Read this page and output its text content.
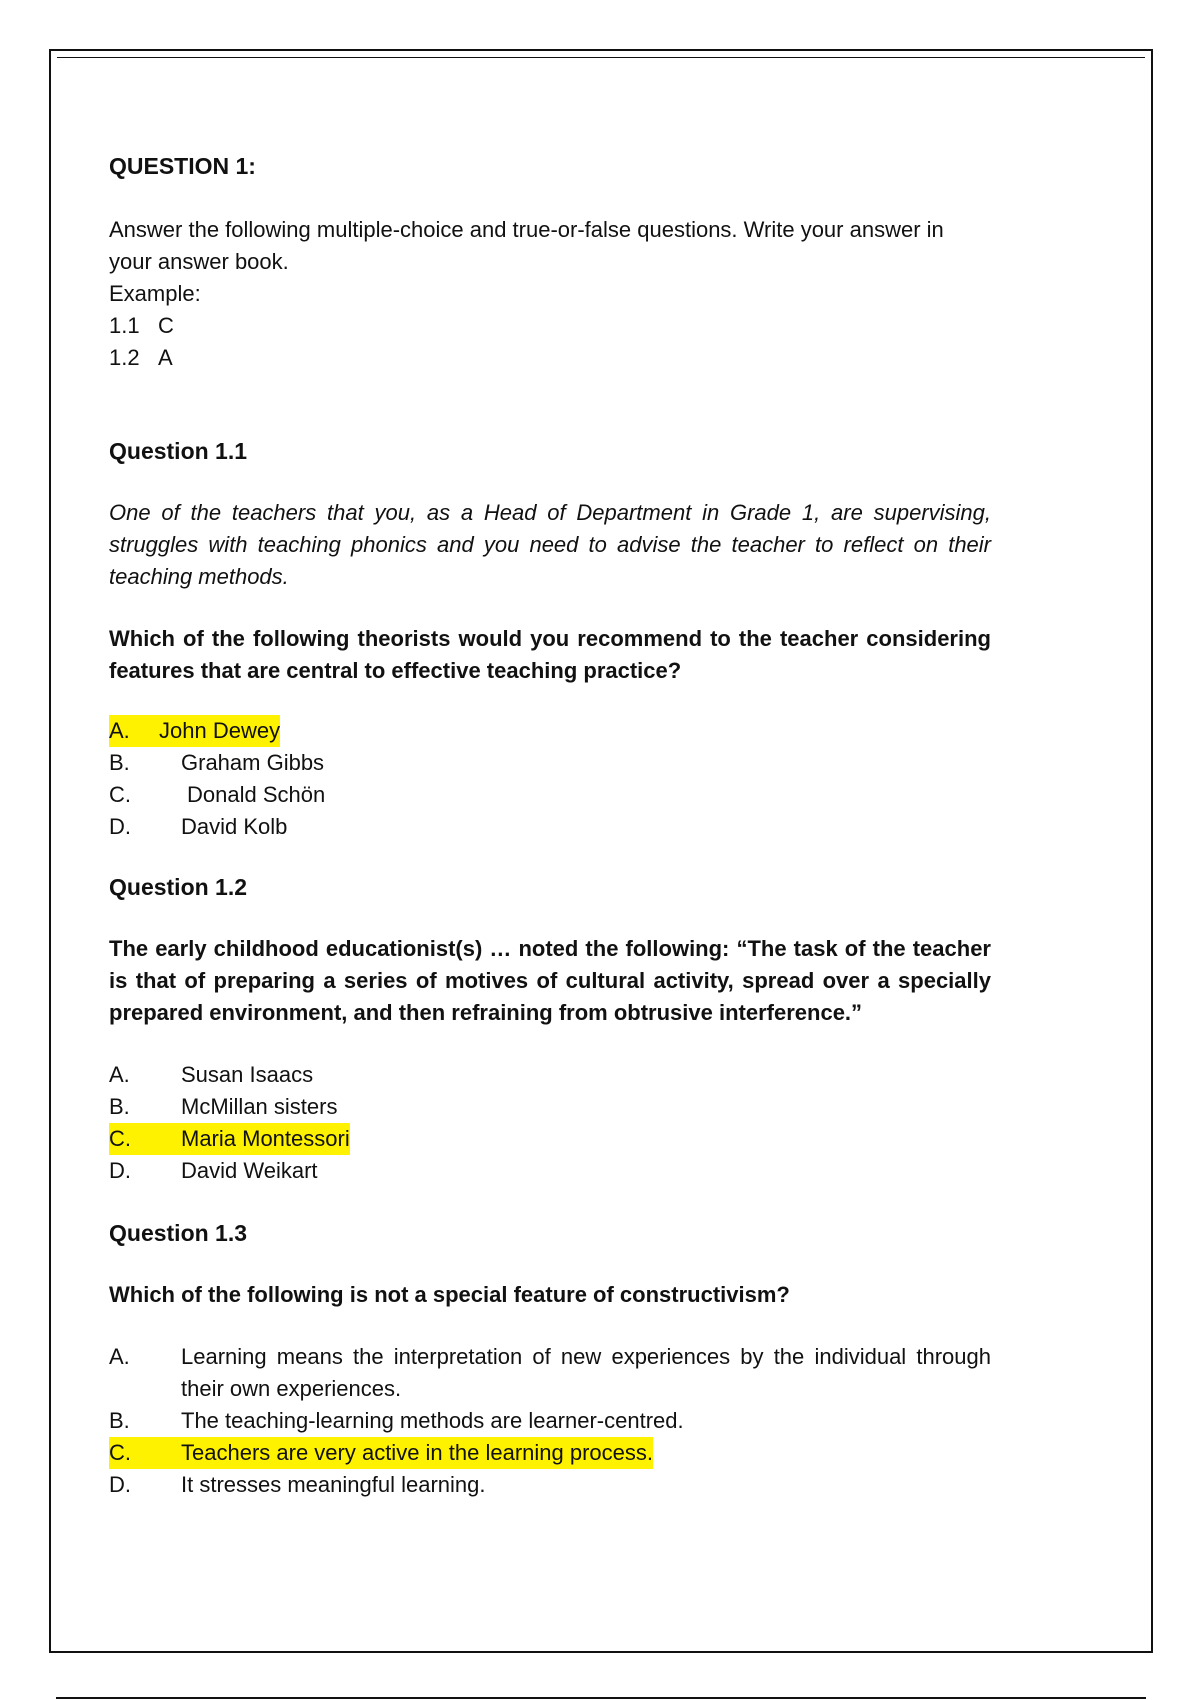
QUESTION 1:

Answer the following multiple-choice and true-or-false questions. Write your answer in your answer book.

Example:

1.1 C

1.2 A

Question 1.1

One of the teachers that you, as a Head of Department in Grade 1, are supervising, struggles with teaching phonics and you need to advise the teacher to reflect on their teaching methods.

Which of the following theorists would you recommend to the teacher considering features that are central to effective teaching practice?

A.	John Dewey
B.	Graham Gibbs
C.	Donald Schön
D.	David Kolb

Question 1.2

The early childhood educationist(s) … noted the following: “The task of the teacher is that of preparing a series of motives of cultural activity, spread over a specially prepared environment, and then refraining from obtrusive interference.”

A.	Susan Isaacs
B.	McMillan sisters
C.	Maria Montessori
D.	David Weikart

Question 1.3

Which of the following is not a special feature of constructivism?

A.	Learning means the interpretation of new experiences by the individual through their own experiences.
B.	The teaching-learning methods are learner-centred.
C.	Teachers are very active in the learning process.
D.	It stresses meaningful learning.
